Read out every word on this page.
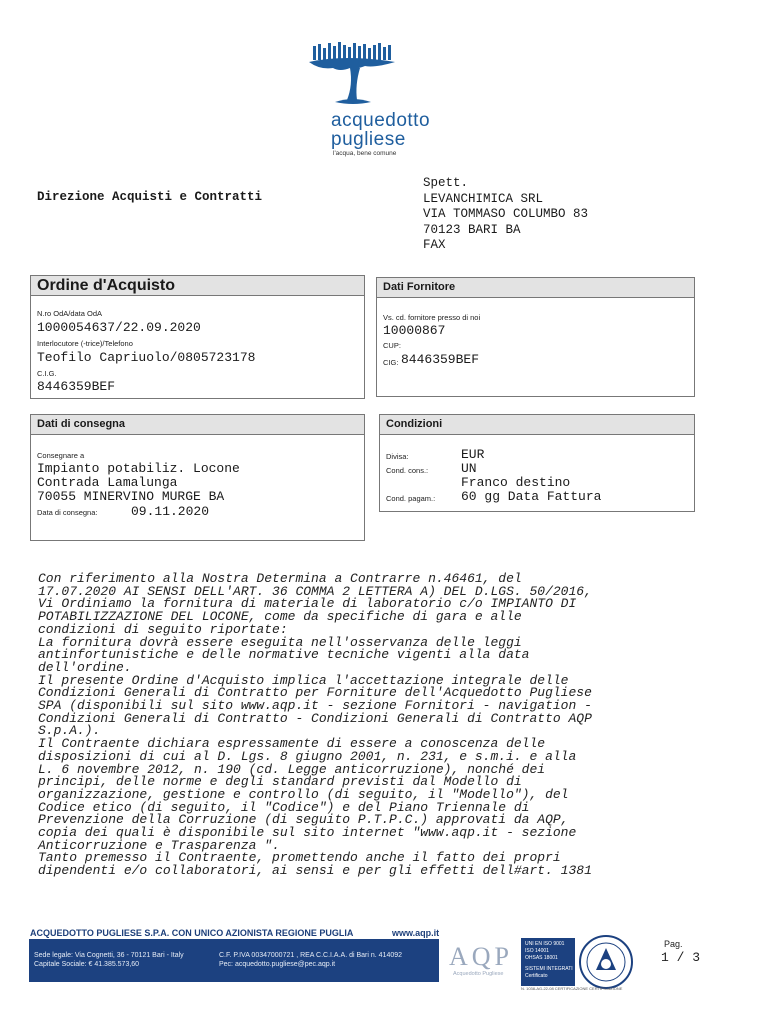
acquedotto
pugliese
l'acqua, bene comune
Direzione Acquisti e Contratti
Spett.
LEVANCHIMICA SRL
VIA TOMMASO COLUMBO 83
70123 BARI BA
FAX
Ordine d'Acquisto
N.ro OdA/data OdA
1000054637/22.09.2020
Interlocutore (-trice)/Telefono
Teofilo Capriuolo/0805723178
C.I.G.
8446359BEF
Dati Fornitore
Vs. cd. fornitore presso di noi
10000867
CUP:
CIG: 8446359BEF
Dati di consegna
Consegnare a
Impianto potabiliz. Locone
Contrada Lamalunga
70055 MINERVINO MURGE BA
Data di consegna:	09.11.2020
Condizioni
Divisa:	EUR
Cond. cons.:	UN
Franco destino
Cond. pagam.: 60 gg Data Fattura
Con riferimento alla Nostra Determina a Contrarre n.46461, del
17.07.2020 AI SENSI DELL'ART. 36 COMMA 2 LETTERA A) DEL D.LGS. 50/2016,
Vi Ordiniamo la fornitura di materiale di laboratorio c/o IMPIANTO DI
POTABILIZZAZIONE DEL LOCONE, come da specifiche di gara e alle
condizioni di seguito riportate:
La fornitura dovrà essere eseguita nell'osservanza delle leggi
antinfortunistiche e delle normative tecniche vigenti alla data
dell'ordine.
Il presente Ordine d'Acquisto implica l'accettazione integrale delle
Condizioni Generali di Contratto per Forniture dell'Acquedotto Pugliese
SPA (disponibili sul sito www.aqp.it - sezione Fornitori - navigation -
Condizioni Generali di Contratto - Condizioni Generali di Contratto AQP
S.p.A.).
Il Contraente dichiara espressamente di essere a conoscenza delle
disposizioni di cui al D. Lgs. 8 giugno 2001, n. 231, e s.m.i. e alla
L. 6 novembre 2012, n. 190 (cd. Legge anticorruzione), nonché dei
principi, delle norme e degli standard previsti dal Modello di
organizzazione, gestione e controllo (di seguito, il "Modello"), del
Codice etico (di seguito, il "Codice") e del Piano Triennale di
Prevenzione della Corruzione (di seguito P.T.P.C.) approvati da AQP,
copia dei quali è disponibile sul sito internet "www.aqp.it - sezione
Anticorruzione e Trasparenza ".
Tanto premesso il Contraente, promettendo anche il fatto dei propri
dipendenti e/o collaboratori, ai sensi e per gli effetti dell#art. 1381
ACQUEDOTTO PUGLIESE S.P.A. CON UNICO AZIONISTA REGIONE PUGLIA	www.aqp.it
Sede legale: Via Cognetti, 36 - 70121 Bari - Italy
Capitale Sociale: € 41.385.573,60
C.F. P.IVA 00347000721 , REA C.C.I.A.A. di Bari n. 414092
Pec: acquedotto.pugliese@pec.aqp.it	AQP
Acquedotto Pugliese
UNI EN ISO 9001
ISO 14001
OHSAS 18001
SISTEMI INTEGRATI
Certificato
N. 1038-AG-22-08 CERTIFICAZIONE CERTIFICAZIONE
Pag.
1 / 3
